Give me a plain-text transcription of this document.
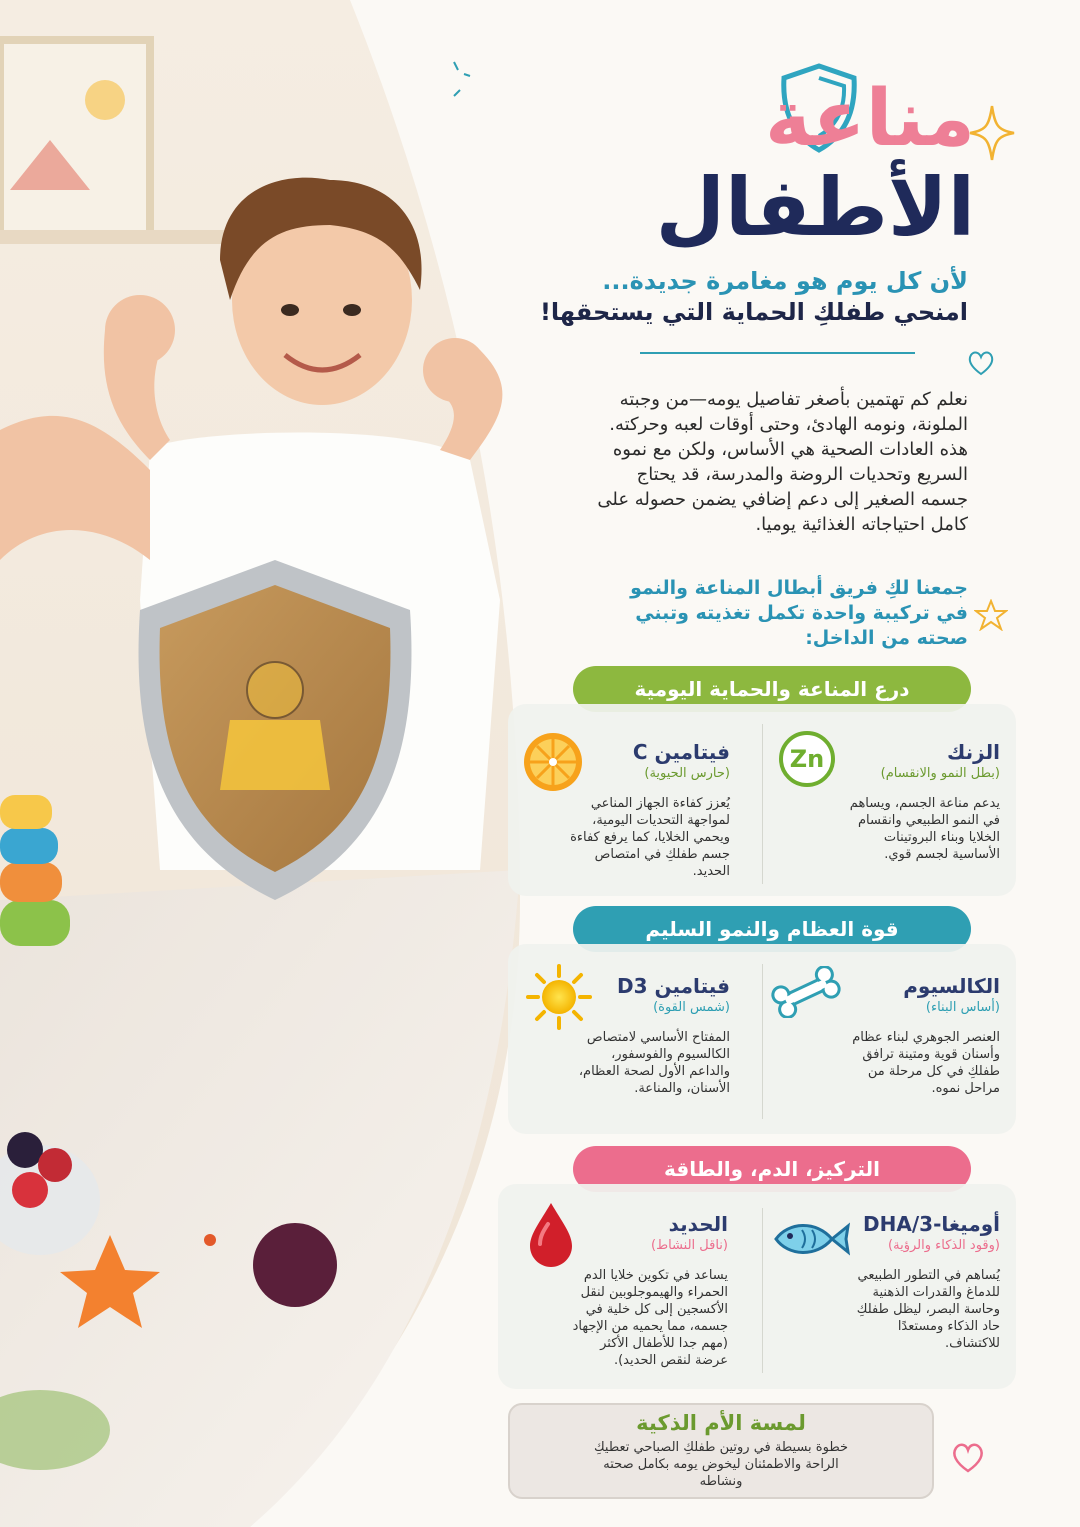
مناعة
الأطفال
لأن كل يوم هو مغامرة جديدة...
امنحي طفلكِ الحماية التي يستحقها!
نعلم كم تهتمين بأصغر تفاصيل يومه—من وجبته الملونة، ونومه الهادئ، وحتى أوقات لعبه وحركته. هذه العادات الصحية هي الأساس، ولكن مع نموه السريع وتحديات الروضة والمدرسة، قد يحتاج جسمه الصغير إلى دعم إضافي يضمن حصوله على كامل احتياجاته الغذائية يوميا.
جمعنا لكِ فريق أبطال المناعة والنمو في تركيبة واحدة تكمل تغذيته وتبني صحته من الداخل:
درع المناعة والحماية اليومية
الزنك
(بطل النمو والانقسام)
يدعم مناعة الجسم، ويساهم في النمو الطبيعي وانقسام الخلايا وبناء البروتينات الأساسية لجسم قوي.
Zn
فيتامين C
(حارس الحيوية)
يُعزز كفاءة الجهاز المناعي لمواجهة التحديات اليومية، ويحمي الخلايا، كما يرفع كفاءة جسم طفلكِ في امتصاص الحديد.
قوة العظام والنمو السليم
الكالسيوم
(أساس البناء)
العنصر الجوهري لبناء عظام وأسنان قوية ومتينة ترافق طفلكِ في كل مرحلة من مراحل نموه.
فيتامين D3
(شمس القوة)
المفتاح الأساسي لامتصاص الكالسيوم والفوسفور، والداعم الأول لصحة العظام، الأسنان، والمناعة.
التركيز، الدم، والطاقة
أوميغا-3/DHA
(وقود الذكاء والرؤية)
يُساهم في التطور الطبيعي للدماغ والقدرات الذهنية وحاسة البصر، ليظل طفلكِ حاد الذكاء ومستعدًا للاكتشاف.
الحديد
(ناقل النشاط)
يساعد في تكوين خلايا الدم الحمراء والهيموجلوبين لنقل الأكسجين إلى كل خلية في جسمه، مما يحميه من الإجهاد (مهم جدا للأطفال الأكثر عرضة لنقص الحديد).
لمسة الأم الذكية
خطوة بسيطة في روتين طفلكِ الصباحي تعطيكِ الراحة والاطمئنان ليخوض يومه بكامل صحته ونشاطه
